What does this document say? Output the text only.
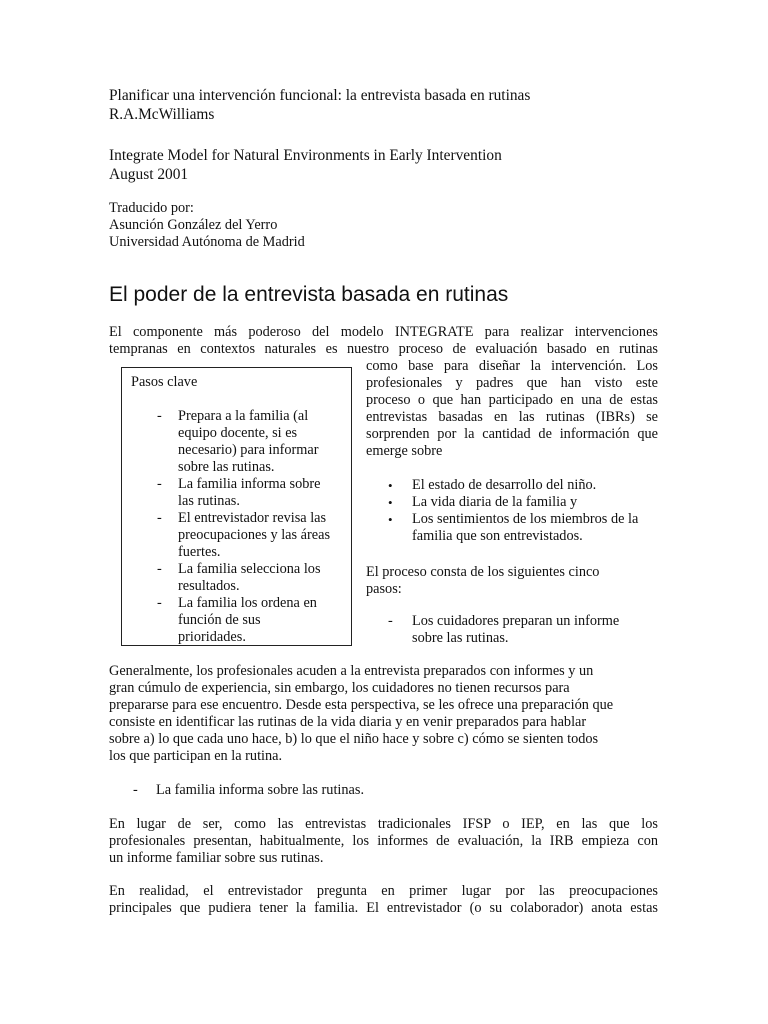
Planificar una intervención funcional: la entrevista basada en rutinas
R.A.McWilliams
Integrate Model for Natural Environments in Early Intervention
August 2001
Traducido por:
Asunción González del Yerro
Universidad Autónoma de Madrid
El poder de la entrevista basada en rutinas
El componente más poderoso del modelo INTEGRATE para realizar intervenciones
tempranas en contextos naturales es nuestro proceso de evaluación basado en rutinas
Pasos clave
- Prepara a la familia (al
equipo docente, si es
necesario) para informar
sobre las rutinas.
- La familia informa sobre
las rutinas.
- El entrevistador revisa las
preocupaciones y las áreas
fuertes.
- La familia selecciona los
resultados.
- La familia los ordena en
función de sus
prioridades.
como base para diseñar la intervención. Los
profesionales y padres que han visto este
proceso o que han participado en una de estas
entrevistas basadas en las rutinas (IBRs) se
sorprenden por la cantidad de información que
emerge sobre
• El estado de desarrollo del niño.
• La vida diaria de la familia y
• Los sentimientos de los miembros de la
familia que son entrevistados.
El proceso consta de los siguientes cinco
pasos:
- Los cuidadores preparan un informe
sobre las rutinas.
Generalmente, los profesionales acuden a la entrevista preparados con informes y un
gran cúmulo de experiencia, sin embargo, los cuidadores no tienen recursos para
prepararse para ese encuentro. Desde esta perspectiva, se les ofrece una preparación que
consiste en identificar las rutinas de la vida diaria y en venir preparados para hablar
sobre a) lo que cada uno hace, b) lo que el niño hace y sobre c) cómo se sienten todos
los que participan en la rutina.
- La familia informa sobre las rutinas.
En lugar de ser, como las entrevistas tradicionales IFSP o IEP, en las que los
profesionales presentan, habitualmente, los informes de evaluación, la IRB empieza con
un informe familiar sobre sus rutinas.
En realidad, el entrevistador pregunta en primer lugar por las preocupaciones
principales que pudiera tener la familia. El entrevistador (o su colaborador) anota estas
